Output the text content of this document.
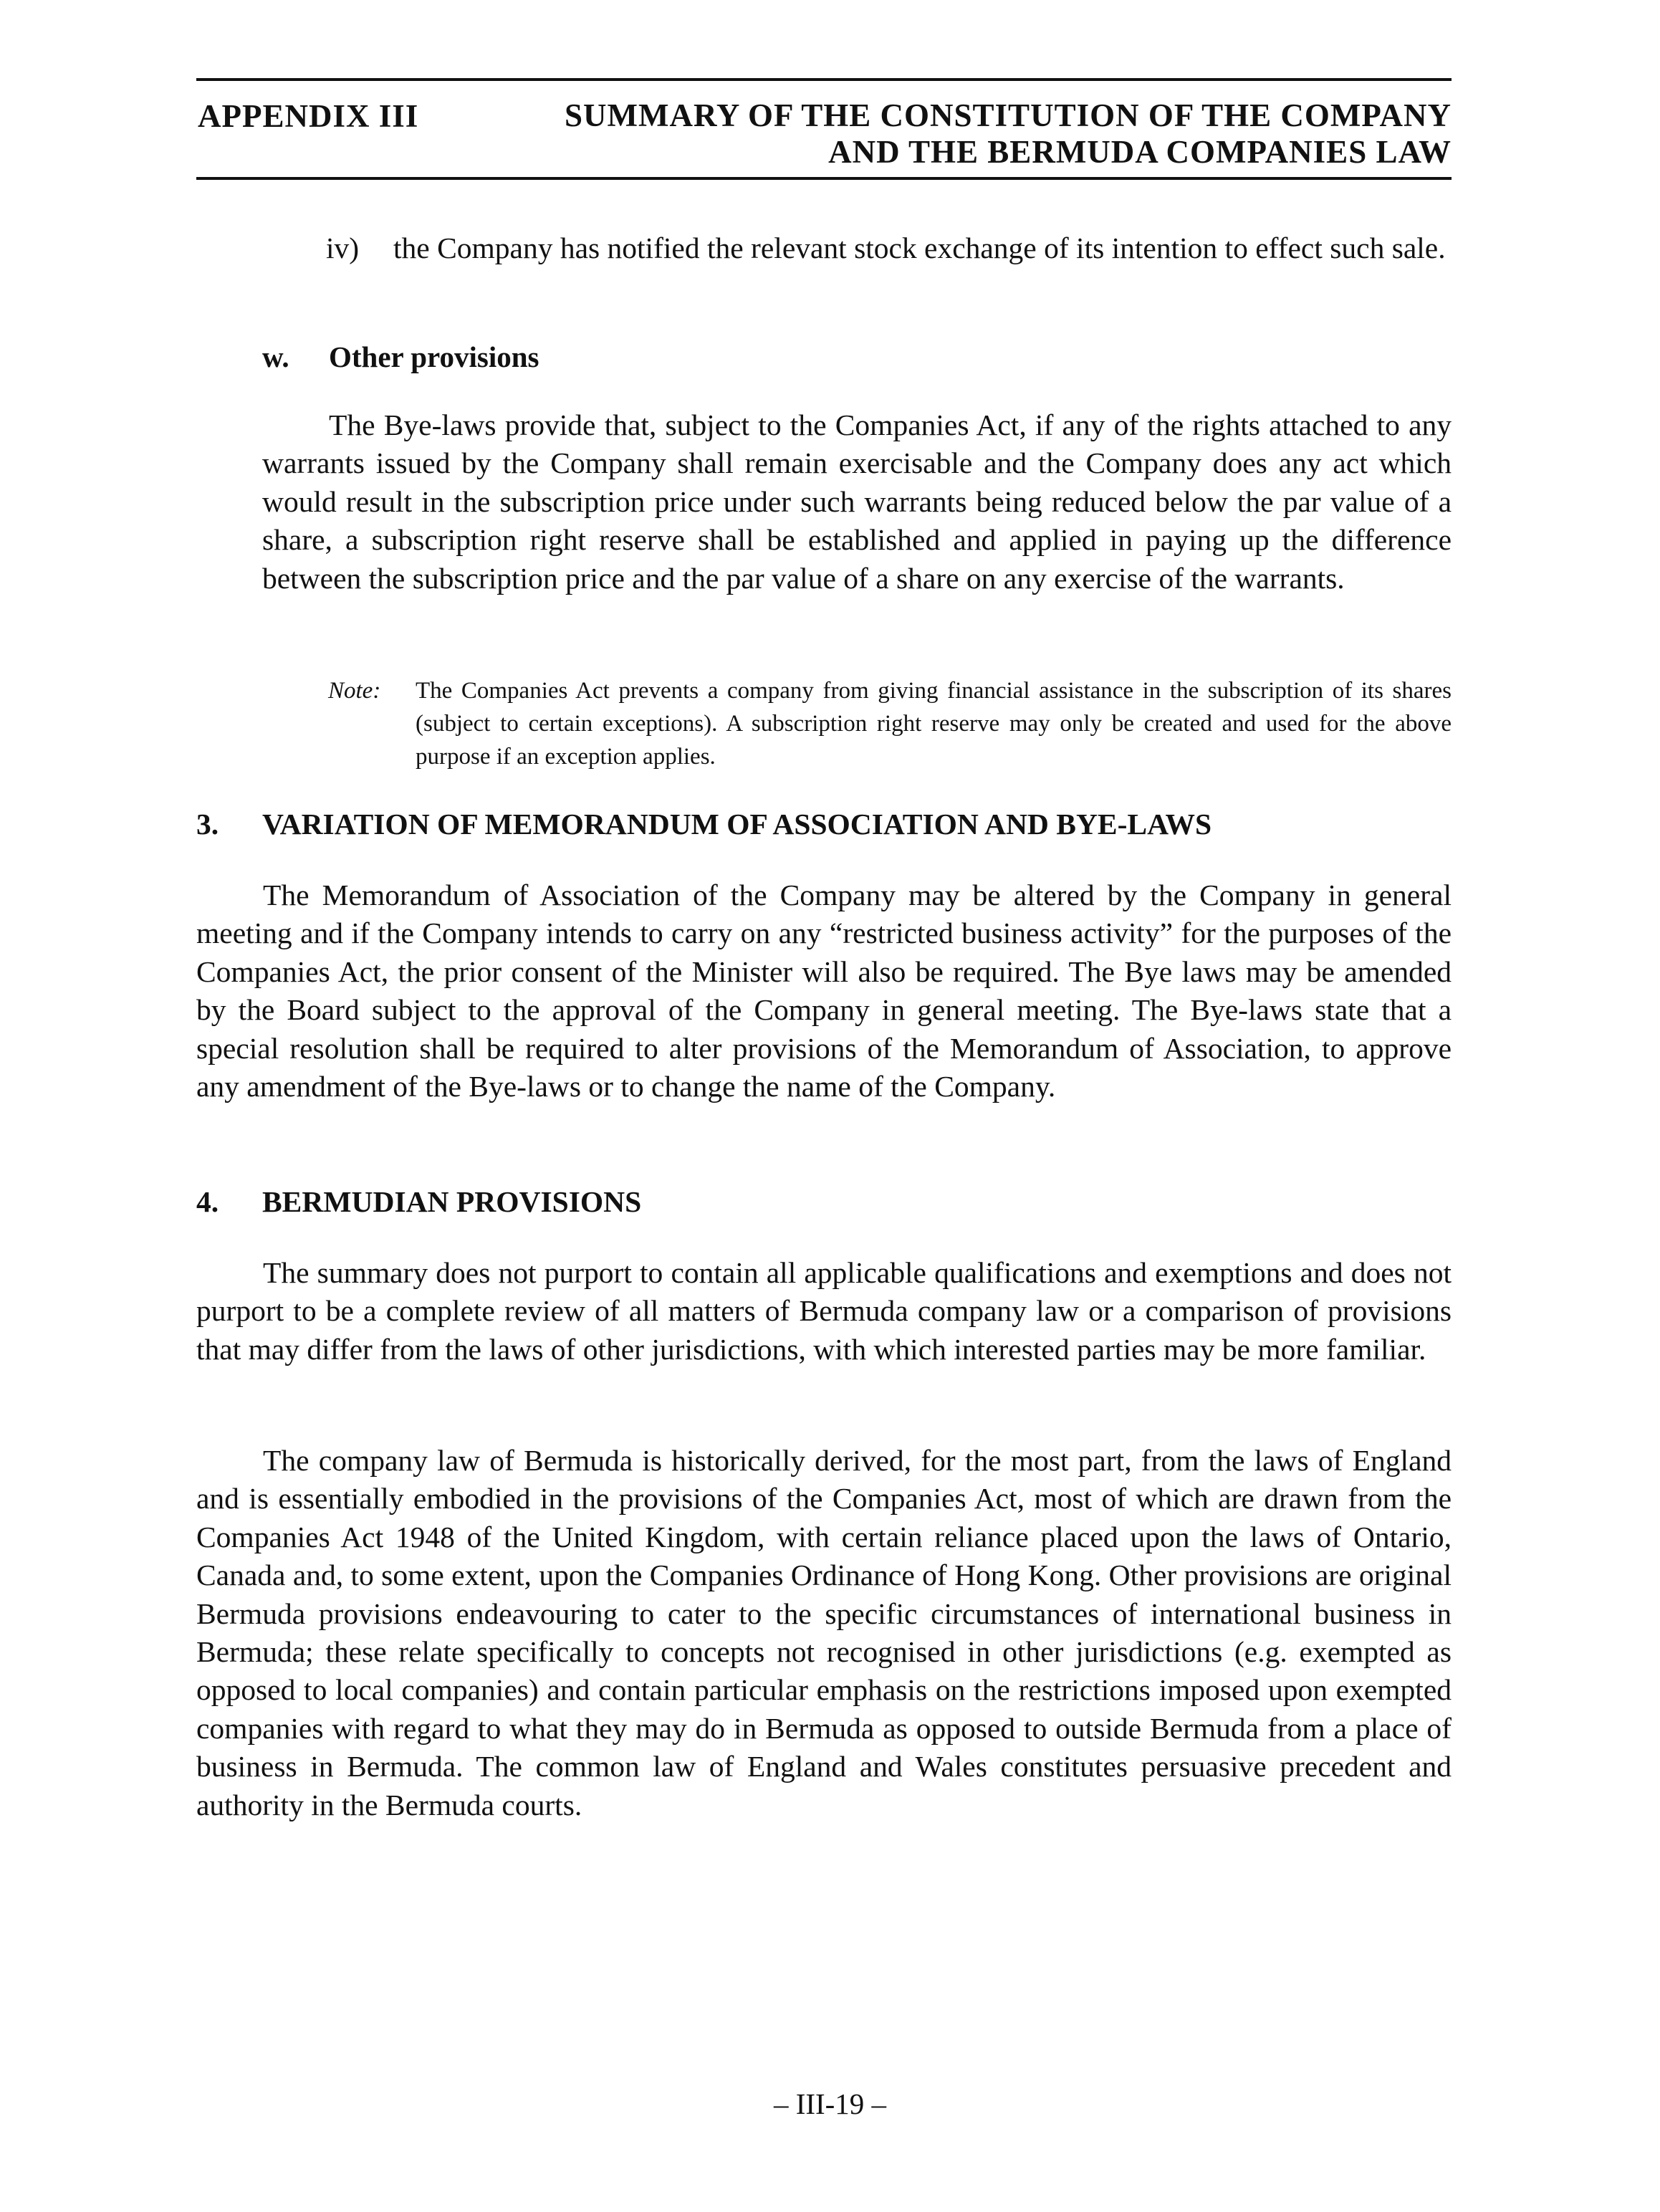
APPENDIX III	SUMMARY OF THE CONSTITUTION OF THE COMPANY
AND THE BERMUDA COMPANIES LAW
iv) the Company has notified the relevant stock exchange of its intention to effect such sale.
w. Other provisions
The Bye-laws provide that, subject to the Companies Act, if any of the rights attached to any warrants issued by the Company shall remain exercisable and the Company does any act which would result in the subscription price under such warrants being reduced below the par value of a share, a subscription right reserve shall be established and applied in paying up the difference between the subscription price and the par value of a share on any exercise of the warrants.
Note: The Companies Act prevents a company from giving financial assistance in the subscription of its shares (subject to certain exceptions). A subscription right reserve may only be created and used for the above purpose if an exception applies.
3. VARIATION OF MEMORANDUM OF ASSOCIATION AND BYE-LAWS
The Memorandum of Association of the Company may be altered by the Company in general meeting and if the Company intends to carry on any “restricted business activity” for the purposes of the Companies Act, the prior consent of the Minister will also be required. The Bye laws may be amended by the Board subject to the approval of the Company in general meeting. The Bye-laws state that a special resolution shall be required to alter provisions of the Memorandum of Association, to approve any amendment of the Bye-laws or to change the name of the Company.
4. BERMUDIAN PROVISIONS
The summary does not purport to contain all applicable qualifications and exemptions and does not purport to be a complete review of all matters of Bermuda company law or a comparison of provisions that may differ from the laws of other jurisdictions, with which interested parties may be more familiar.
The company law of Bermuda is historically derived, for the most part, from the laws of England and is essentially embodied in the provisions of the Companies Act, most of which are drawn from the Companies Act 1948 of the United Kingdom, with certain reliance placed upon the laws of Ontario, Canada and, to some extent, upon the Companies Ordinance of Hong Kong. Other provisions are original Bermuda provisions endeavouring to cater to the specific circumstances of international business in Bermuda; these relate specifically to concepts not recognised in other jurisdictions (e.g. exempted as opposed to local companies) and contain particular emphasis on the restrictions imposed upon exempted companies with regard to what they may do in Bermuda as opposed to outside Bermuda from a place of business in Bermuda. The common law of England and Wales constitutes persuasive precedent and authority in the Bermuda courts.
– III-19 –
